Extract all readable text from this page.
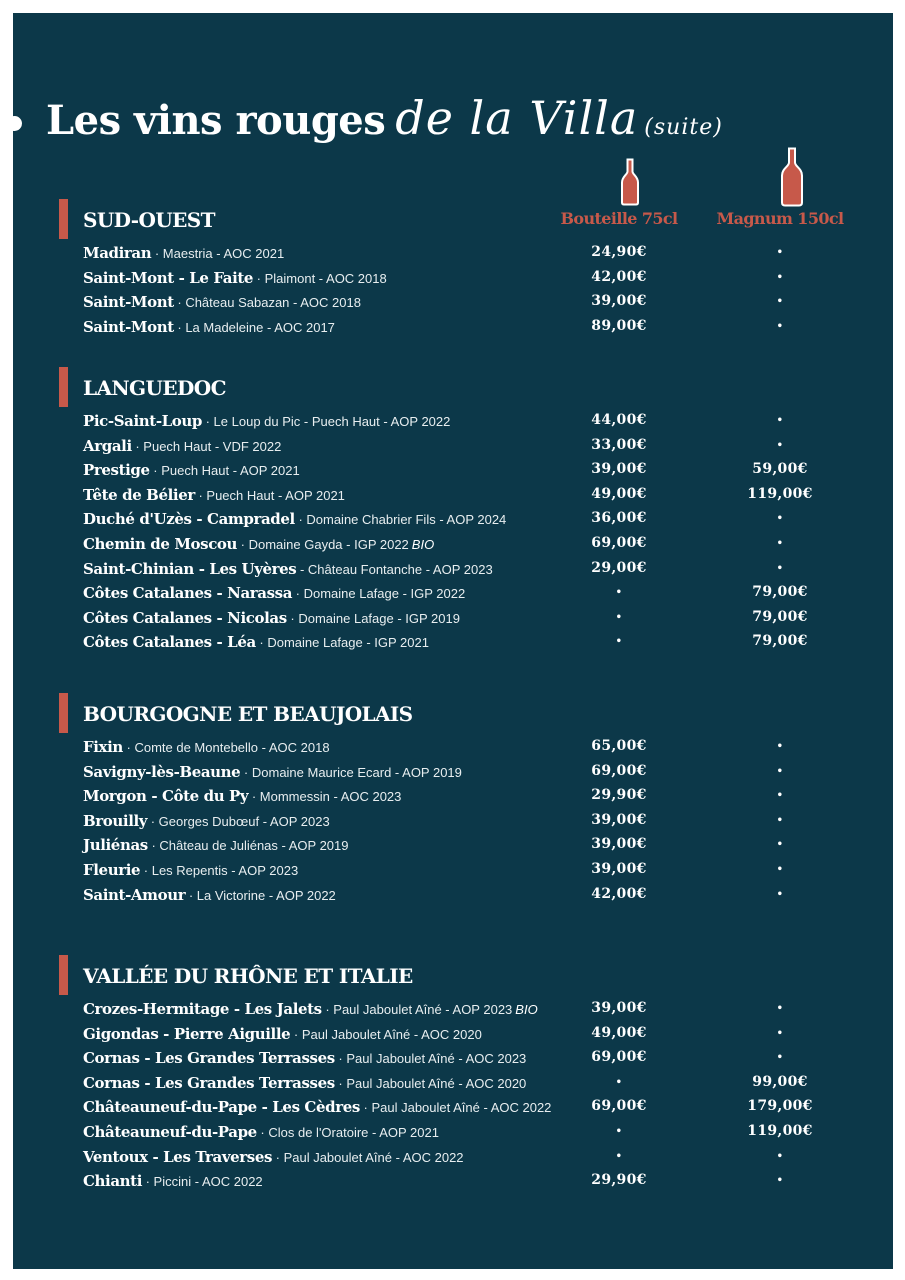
Les vins rouges de la Villa (suite)
Bouteille 75cl Magnum 150cl
SUD-OUEST
Madiran · Maestria - AOC 2021	24,90€	•
Saint-Mont - Le Faite · Plaimont - AOC 2018	42,00€	•
Saint-Mont · Château Sabazan - AOC 2018	39,00€	•
Saint-Mont · La Madeleine - AOC 2017	89,00€	•
LANGUEDOC
Pic-Saint-Loup · Le Loup du Pic - Puech Haut - AOP 2022	44,00€	•
Argali · Puech Haut - VDF 2022	33,00€	•
Prestige · Puech Haut - AOP 2021	39,00€	59,00€
Tête de Bélier · Puech Haut - AOP 2021	49,00€	119,00€
Duché d'Uzès - Campradel · Domaine Chabrier Fils - AOP 2024	36,00€	•
Chemin de Moscou · Domaine Gayda - IGP 2022 BIO	69,00€	•
Saint-Chinian - Les Uyères - Château Fontanche - AOP 2023	29,00€	•
Côtes Catalanes - Narassa · Domaine Lafage - IGP 2022	•	79,00€
Côtes Catalanes - Nicolas · Domaine Lafage - IGP 2019	•	79,00€
Côtes Catalanes - Léa · Domaine Lafage - IGP 2021	•	79,00€
BOURGOGNE ET BEAUJOLAIS
Fixin · Comte de Montebello - AOC 2018	65,00€	•
Savigny-lès-Beaune · Domaine Maurice Ecard - AOP 2019	69,00€	•
Morgon - Côte du Py · Mommessin - AOC 2023	29,90€	•
Brouilly · Georges Dubœuf - AOP 2023	39,00€	•
Juliénas · Château de Juliénas - AOP 2019	39,00€	•
Fleurie · Les Repentis - AOP 2023	39,00€	•
Saint-Amour · La Victorine - AOP 2022	42,00€	•
VALLÉE DU RHÔNE ET ITALIE
Crozes-Hermitage - Les Jalets · Paul Jaboulet Aîné - AOP 2023 BIO	39,00€	•
Gigondas - Pierre Aiguille · Paul Jaboulet Aîné - AOC 2020	49,00€	•
Cornas - Les Grandes Terrasses · Paul Jaboulet Aîné - AOC 2023	69,00€	•
Cornas - Les Grandes Terrasses · Paul Jaboulet Aîné - AOC 2020	•	99,00€
Châteauneuf-du-Pape - Les Cèdres · Paul Jaboulet Aîné - AOC 2022	69,00€	179,00€
Châteauneuf-du-Pape · Clos de l'Oratoire - AOP 2021	•	119,00€
Ventoux - Les Traverses · Paul Jaboulet Aîné - AOC 2022	•	•
Chianti · Piccini - AOC 2022	29,90€	•
